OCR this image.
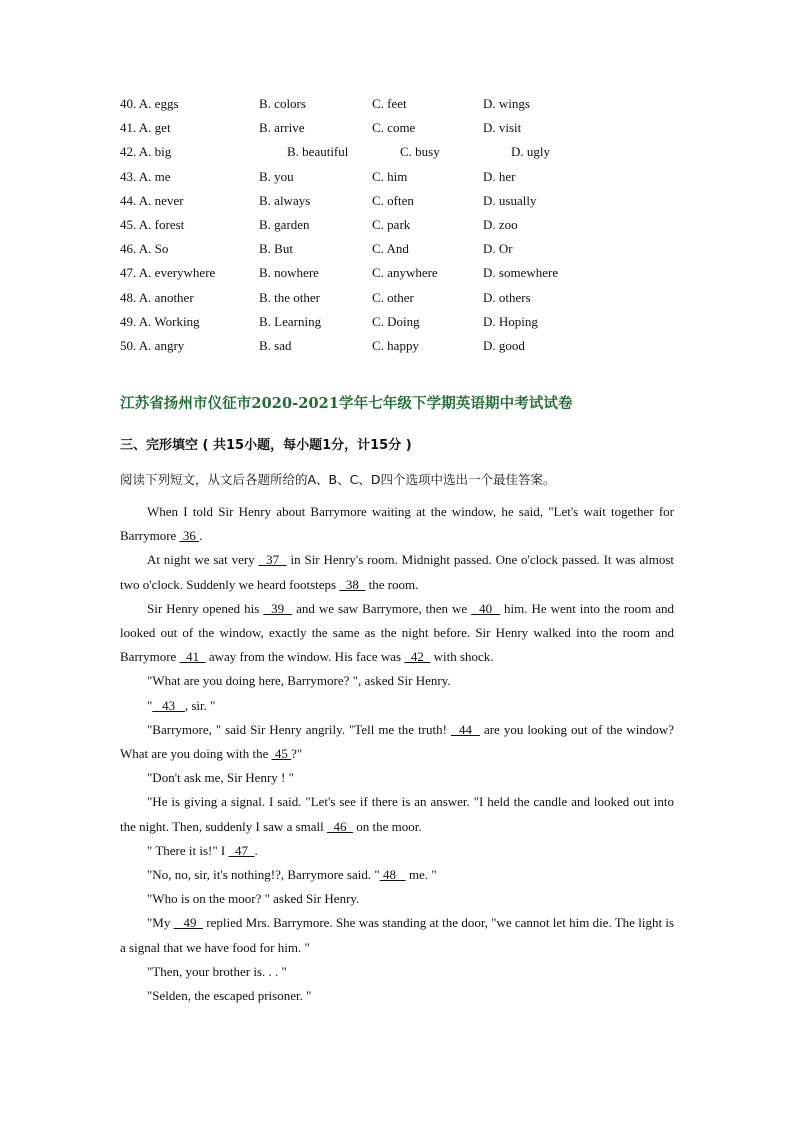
40. A. eggs	B. colors	C. feet	D. wings
41. A. get	B. arrive	C. come	D. visit
42. A. big	B. beautiful	C. busy	D. ugly
43. A. me	B. you	C. him	D. her
44. A. never	B. always	C. often	D. usually
45. A. forest	B. garden	C. park	D. zoo
46. A. So	B. But	C. And	D. Or
47. A. everywhere	B. nowhere	C. anywhere	D. somewhere
48. A. another	B. the other	C. other	D. others
49. A. Working	B. Learning	C. Doing	D. Hoping
50. A. angry	B. sad	C. happy	D. good
江苏省扬州市仪征市2020-2021学年七年级下学期英语期中考试试卷
三、完形填空 ( 共15小题，每小题1分，计15分 )
阅读下列短文，从文后各题所给的A、B、C、D四个选项中选出一个最佳答案。

When I told Sir Henry about Barrymore waiting at the window, he said, "Let's wait together for Barrymore  36 .

At night we sat very   37   in Sir Henry's room. Midnight passed. One o'clock passed. It was almost two o'clock. Suddenly we heard footsteps   38   the room.

Sir Henry opened his   39   and we saw Barrymore, then we   40   him. He went into the room and looked out of the window, exactly the same as the night before. Sir Henry walked into the room and Barrymore   41   away from the window. His face was   42   with shock.

"What are you doing here, Barrymore? ", asked Sir Henry.

"   43   , sir. "

"Barrymore, " said Sir Henry angrily. "Tell me the truth!   44   are you looking out of the window? What are you doing with the  45 ?"

"Don't ask me, Sir Henry ! "

"He is giving a signal. I said. "Let's see if there is an answer. "I held the candle and looked out into the night. Then, suddenly I saw a small   46   on the moor.

" There it is!" I   47  .

"No, no, sir, it's nothing!?, Barrymore said. " 48    me. "

"Who is on the moor? " asked Sir Henry.

"My    49   replied Mrs. Barrymore. She was standing at the door, "we cannot let him die. The light is a signal that we have food for him. "

"Then, your brother is. . . "

"Selden, the escaped prisoner. "
